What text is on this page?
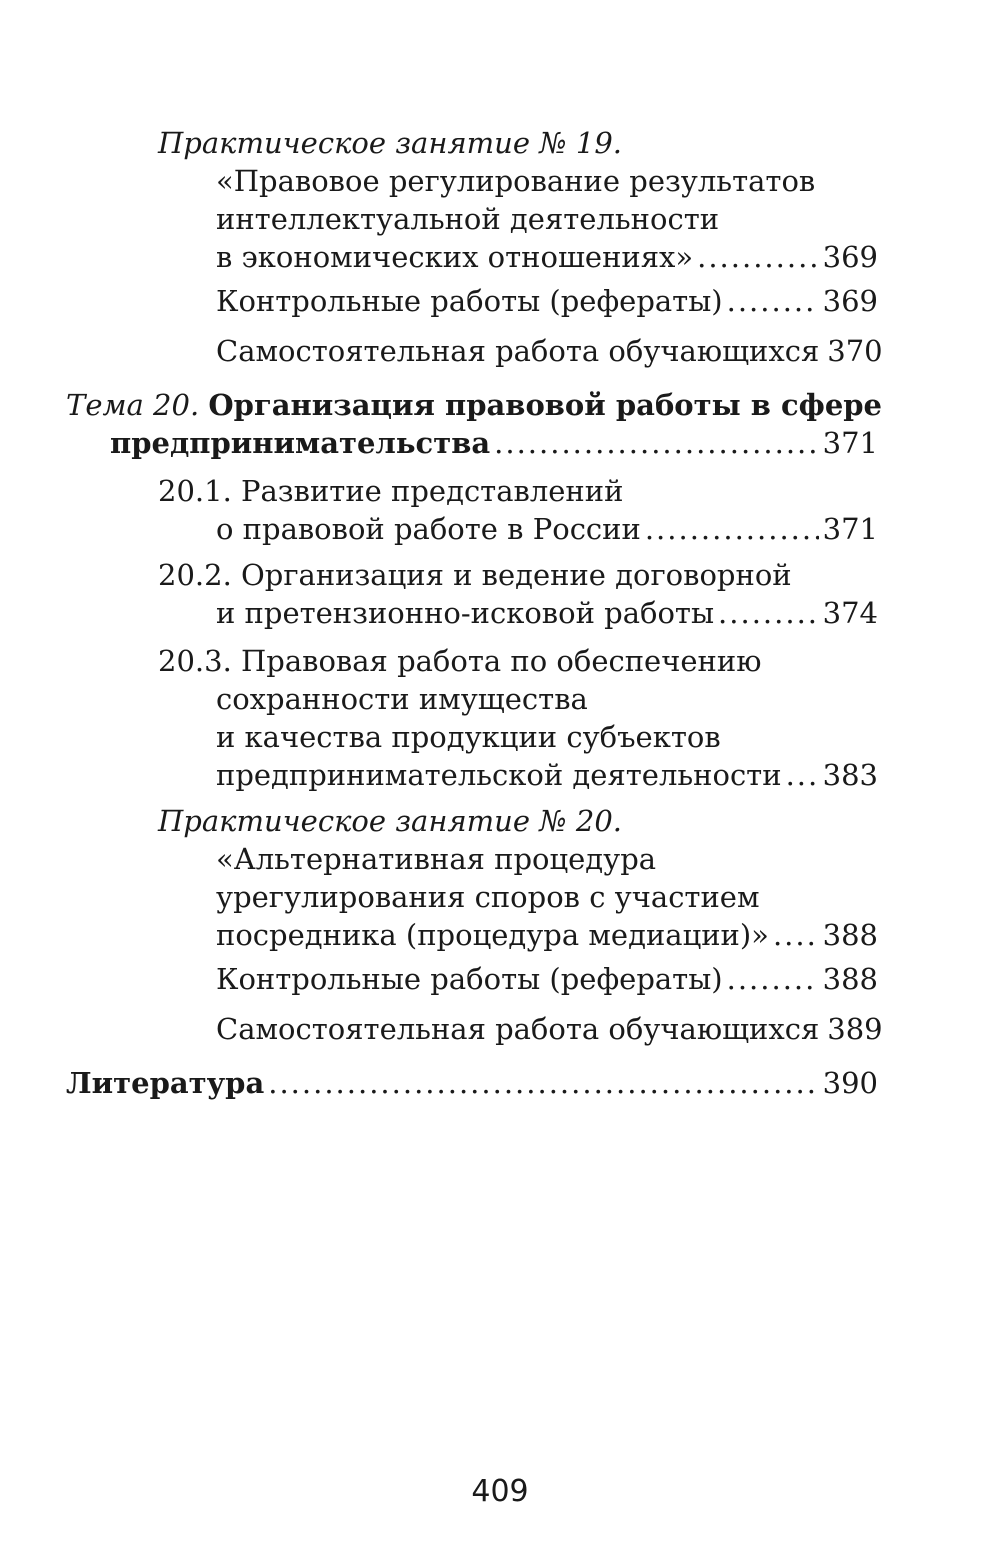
Практическое занятие № 19.
«Правовое регулирование результатов
интеллектуальной деятельности
в экономических отношениях» .....	369
Контрольные работы (рефераты) .....	369
Самостоятельная работа обучающихся 370
Тема 20.
Организация правовой работы в сфере
предпринимательства .....	371
20.1. Развитие представлений
о правовой работе в России .....	371
20.2. Организация и ведение договорной
и претензионно-исковой работы .....	374
20.3. Правовая работа по обеспечению
сохранности имущества
и качества продукции субъектов
предпринимательской деятельности ..... 383
Практическое занятие № 20.
«Альтернативная процедура
урегулирования споров с участием
посредника (процедура медиации)» ..... 388
Контрольные работы (рефераты) .....	388
Самостоятельная работа обучающихся 389
Литература .....	390
409
